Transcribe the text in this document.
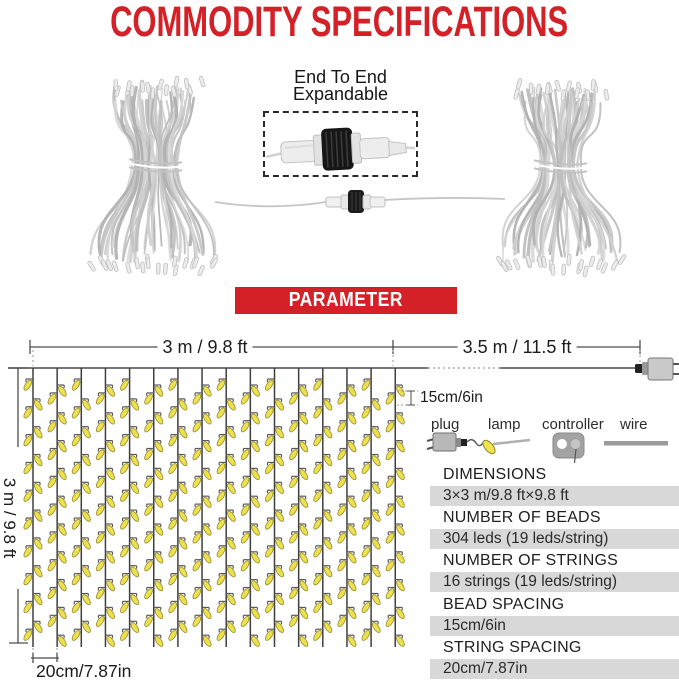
COMMODITY SPECIFICATIONS
End To End
Expandable
PARAMETER
3 m / 9.8 ft	3.5 m / 11.5 ft
15cm/6in
3 m / 9.8 ft
20cm/7.87in
plug lamp controller wire
DIMENSIONS
3×3 m/9.8 ft×9.8 ft
NUMBER OF BEADS
304 leds (19 leds/string)
NUMBER OF STRINGS
16 strings (19 leds/string)
BEAD SPACING
15cm/6in
STRING SPACING
20cm/7.87in
